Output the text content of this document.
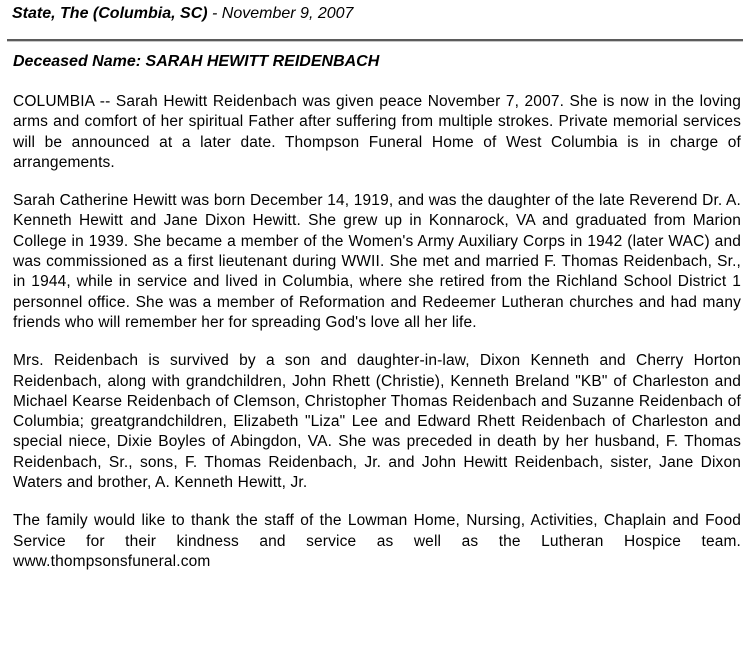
State, The (Columbia, SC) - November 9, 2007
Deceased Name: SARAH HEWITT REIDENBACH

COLUMBIA -- Sarah Hewitt Reidenbach was given peace November 7, 2007. She is now in the loving arms and comfort of her spiritual Father after suffering from multiple strokes. Private memorial services will be announced at a later date. Thompson Funeral Home of West Columbia is in charge of arrangements.

Sarah Catherine Hewitt was born December 14, 1919, and was the daughter of the late Reverend Dr. A. Kenneth Hewitt and Jane Dixon Hewitt. She grew up in Konnarock, VA and graduated from Marion College in 1939. She became a member of the Women's Army Auxiliary Corps in 1942 (later WAC) and was commissioned as a first lieutenant during WWII. She met and married F. Thomas Reidenbach, Sr., in 1944, while in service and lived in Columbia, where she retired from the Richland School District 1 personnel office. She was a member of Reformation and Redeemer Lutheran churches and had many friends who will remember her for spreading God's love all her life.

Mrs. Reidenbach is survived by a son and daughter-in-law, Dixon Kenneth and Cherry Horton Reidenbach, along with grandchildren, John Rhett (Christie), Kenneth Breland "KB" of Charleston and Michael Kearse Reidenbach of Clemson, Christopher Thomas Reidenbach and Suzanne Reidenbach of Columbia; greatgrandchildren, Elizabeth "Liza" Lee and Edward Rhett Reidenbach of Charleston and special niece, Dixie Boyles of Abingdon, VA. She was preceded in death by her husband, F. Thomas Reidenbach, Sr., sons, F. Thomas Reidenbach, Jr. and John Hewitt Reidenbach, sister, Jane Dixon Waters and brother, A. Kenneth Hewitt, Jr.

The family would like to thank the staff of the Lowman Home, Nursing, Activities, Chaplain and Food Service for their kindness and service as well as the Lutheran Hospice team. www.thompsonsfuneral.com
